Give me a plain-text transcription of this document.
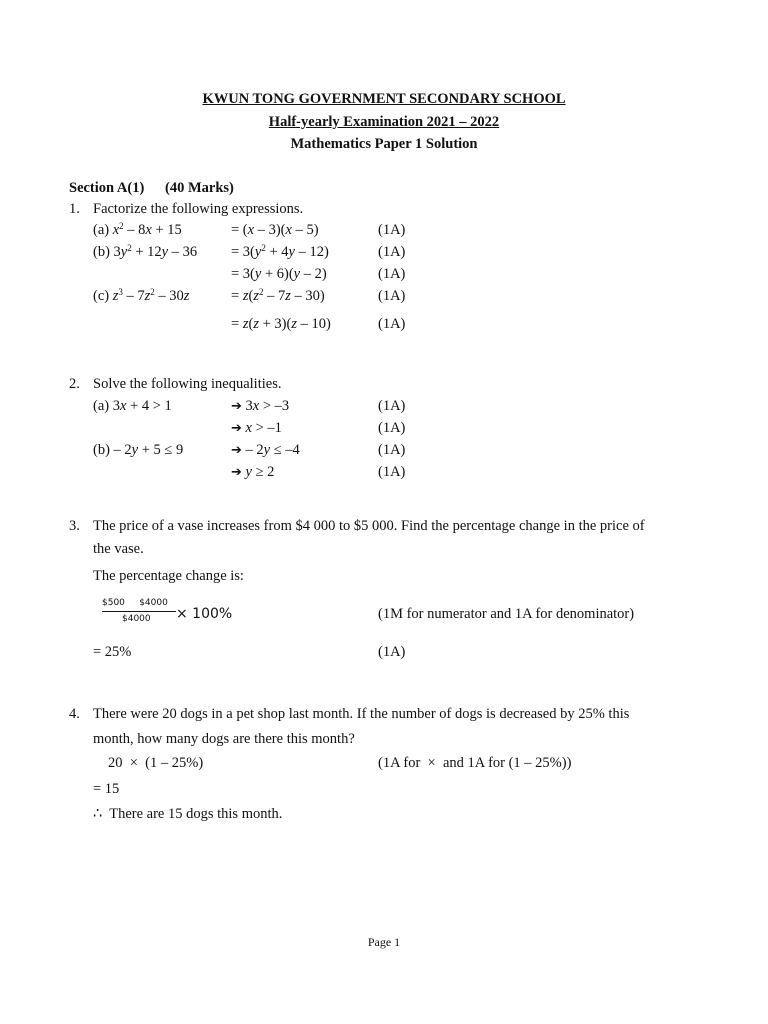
KWUN TONG GOVERNMENT SECONDARY SCHOOL
Half-yearly Examination 2021 – 2022
Mathematics Paper 1 Solution
Section A(1) (40 Marks)
1. Factorize the following expressions.
(a) $x^2 - 8x + 15$	= (x – 3)(x – 5)	(1A)
(b) $3y^2 + 12y - 36 = 3(y^2 + 4y - 12)$	(1A)
= 3(y + 6)(y – 2)	(1A)
(c) $z^3 - 7z^2 - 30z$	= $z(z^2 - 7z - 30)$	(1A)
= z(z + 3)(z – 10)	(1A)
2. Solve the following inequalities.
(a) 3x + 4 > 1	➔ 3x > –3	(1A)
➔ x > –1	(1A)
(b) – 2y + 5 ≤ 9	➔ – 2y ≤ –4	(1A)
➔ y ≥ 2	(1A)
3. The price of a vase increases from $4 000 to $5 000. Find the percentage change in the price of
the vase.
The percentage change is:
$500     $4000
$4000 × 100%	(1M for numerator and 1A for denominator)
= 25%	(1A)
4. There were 20 dogs in a pet shop last month. If the number of dogs is decreased by 25% this
month, how many dogs are there this month?
20  ×  (1 – 25%)	(1A for  ×  and 1A for (1 – 25%))
= 15
∴  There are 15 dogs this month.
Page 1
